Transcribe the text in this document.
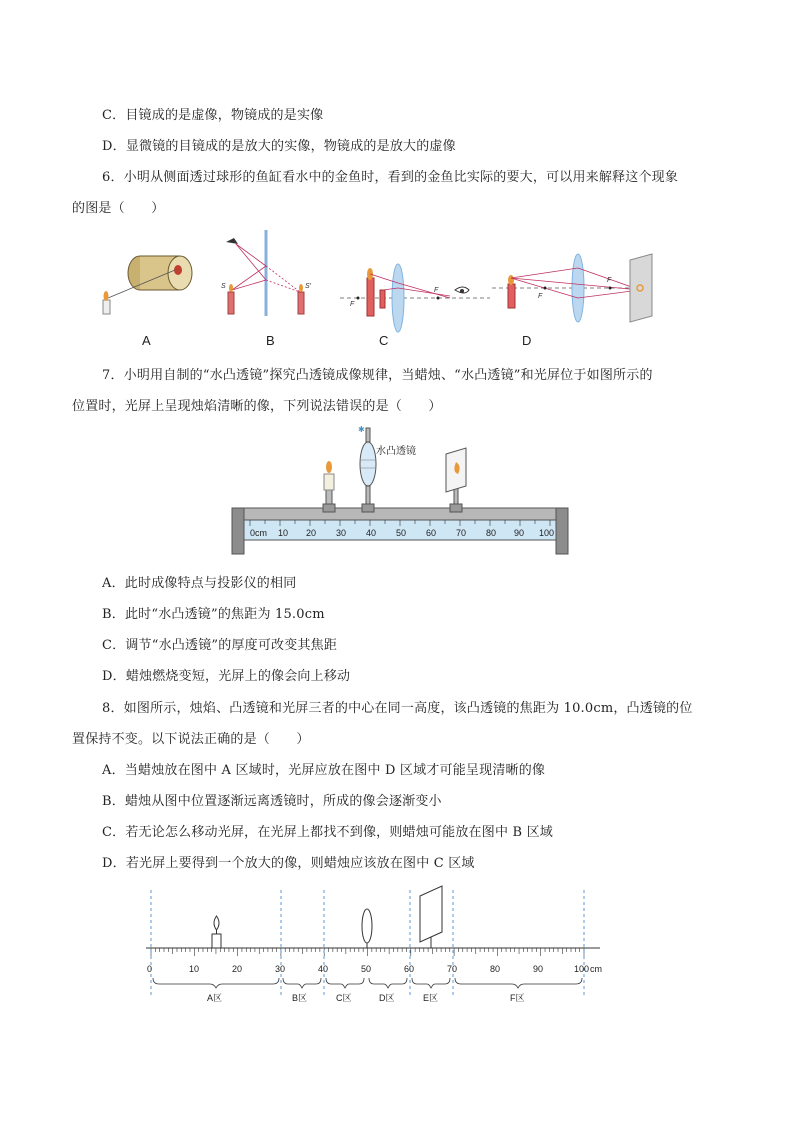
C．目镜成的是虚像，物镜成的是实像
D．显微镜的目镜成的是放大的实像，物镜成的是放大的虚像
6．小明从侧面透过球形的鱼缸看水中的金鱼时，看到的金鱼比实际的要大，可以用来解释这个现象
的图是（　　）
S	S′
F
F
F
F
A	B	C	D
7．小明用自制的“水凸透镜”探究凸透镜成像规律，当蜡烛、“水凸透镜”和光屏位于如图所示的
位置时，光屏上呈现烛焰清晰的像，下列说法错误的是（　　）
0cm 10 20 30 40 50 60 70 80 90 100
✱
水凸透镜
A．此时成像特点与投影仪的相同
B．此时“水凸透镜”的焦距为 15.0cm
C．调节“水凸透镜”的厚度可改变其焦距
D．蜡烛燃烧变短，光屏上的像会向上移动
8．如图所示，烛焰、凸透镜和光屏三者的中心在同一高度，该凸透镜的焦距为 10.0cm，凸透镜的位
置保持不变。以下说法正确的是（　　）
A．当蜡烛放在图中 A 区域时，光屏应放在图中 D 区域才可能呈现清晰的像
B．蜡烛从图中位置逐渐远离透镜时，所成的像会逐渐变小
C．若无论怎么移动光屏，在光屏上都找不到像，则蜡烛可能放在图中 B 区域
D．若光屏上要得到一个放大的像，则蜡烛应该放在图中 C 区域
0	10	20	30	40	50	60	70	80	90	100 cm
A区	B区	C区	D区	E区	F区
